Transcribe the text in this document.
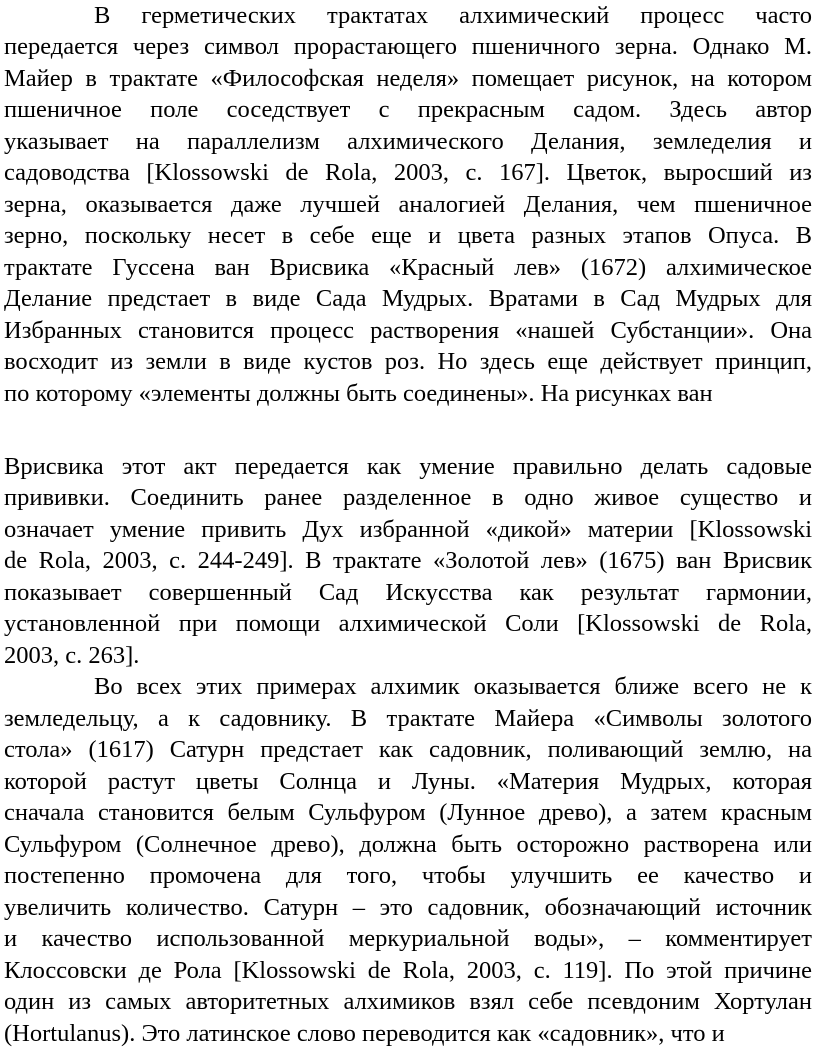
В герметических трактатах алхимический процесс часто
передается через символ прорастающего пшеничного зерна. Однако М.
Майер в трактате «Философская неделя» помещает рисунок, на котором
пшеничное поле соседствует с прекрасным садом. Здесь автор
указывает на параллелизм алхимического Делания, земледелия и
садоводства [Klossowski de Rola, 2003, с. 167]. Цветок, выросший из
зерна, оказывается даже лучшей аналогией Делания, чем пшеничное
зерно, поскольку несет в себе еще и цвета разных этапов Опуса. В
трактате Гуссена ван Врисвика «Красный лев» (1672) алхимическое
Делание предстает в виде Сада Мудрых. Вратами в Сад Мудрых для
Избранных становится процесс растворения «нашей Субстанции». Она
восходит из земли в виде кустов роз. Но здесь еще действует принцип,
по которому «элементы должны быть соединены». На рисунках ван
Врисвика этот акт передается как умение правильно делать садовые
прививки. Соединить ранее разделенное в одно живое существо и
означает умение привить Дух избранной «дикой» материи [Klossowski
de Rola, 2003, с. 244-249]. В трактате «Золотой лев» (1675) ван Врисвик
показывает совершенный Сад Искусства как результат гармонии,
установленной при помощи алхимической Соли [Klossowski de Rola,
2003, с. 263].
Во всех этих примерах алхимик оказывается ближе всего не к
земледельцу, а к садовнику. В трактате Майера «Символы золотого
стола» (1617) Сатурн предстает как садовник, поливающий землю, на
которой растут цветы Солнца и Луны. «Материя Мудрых, которая
сначала становится белым Сульфуром (Лунное древо), а затем красным
Сульфуром (Солнечное древо), должна быть осторожно растворена или
постепенно промочена для того, чтобы улучшить ее качество и
увеличить количество. Сатурн – это садовник, обозначающий источник
и качество использованной меркуриальной воды», – комментирует
Клоссовски де Рола [Klossowski de Rola, 2003, с. 119]. По этой причине
один из самых авторитетных алхимиков взял себе псевдоним Хортулан
(Hortulanus). Это латинское слово переводится как «садовник», что и
